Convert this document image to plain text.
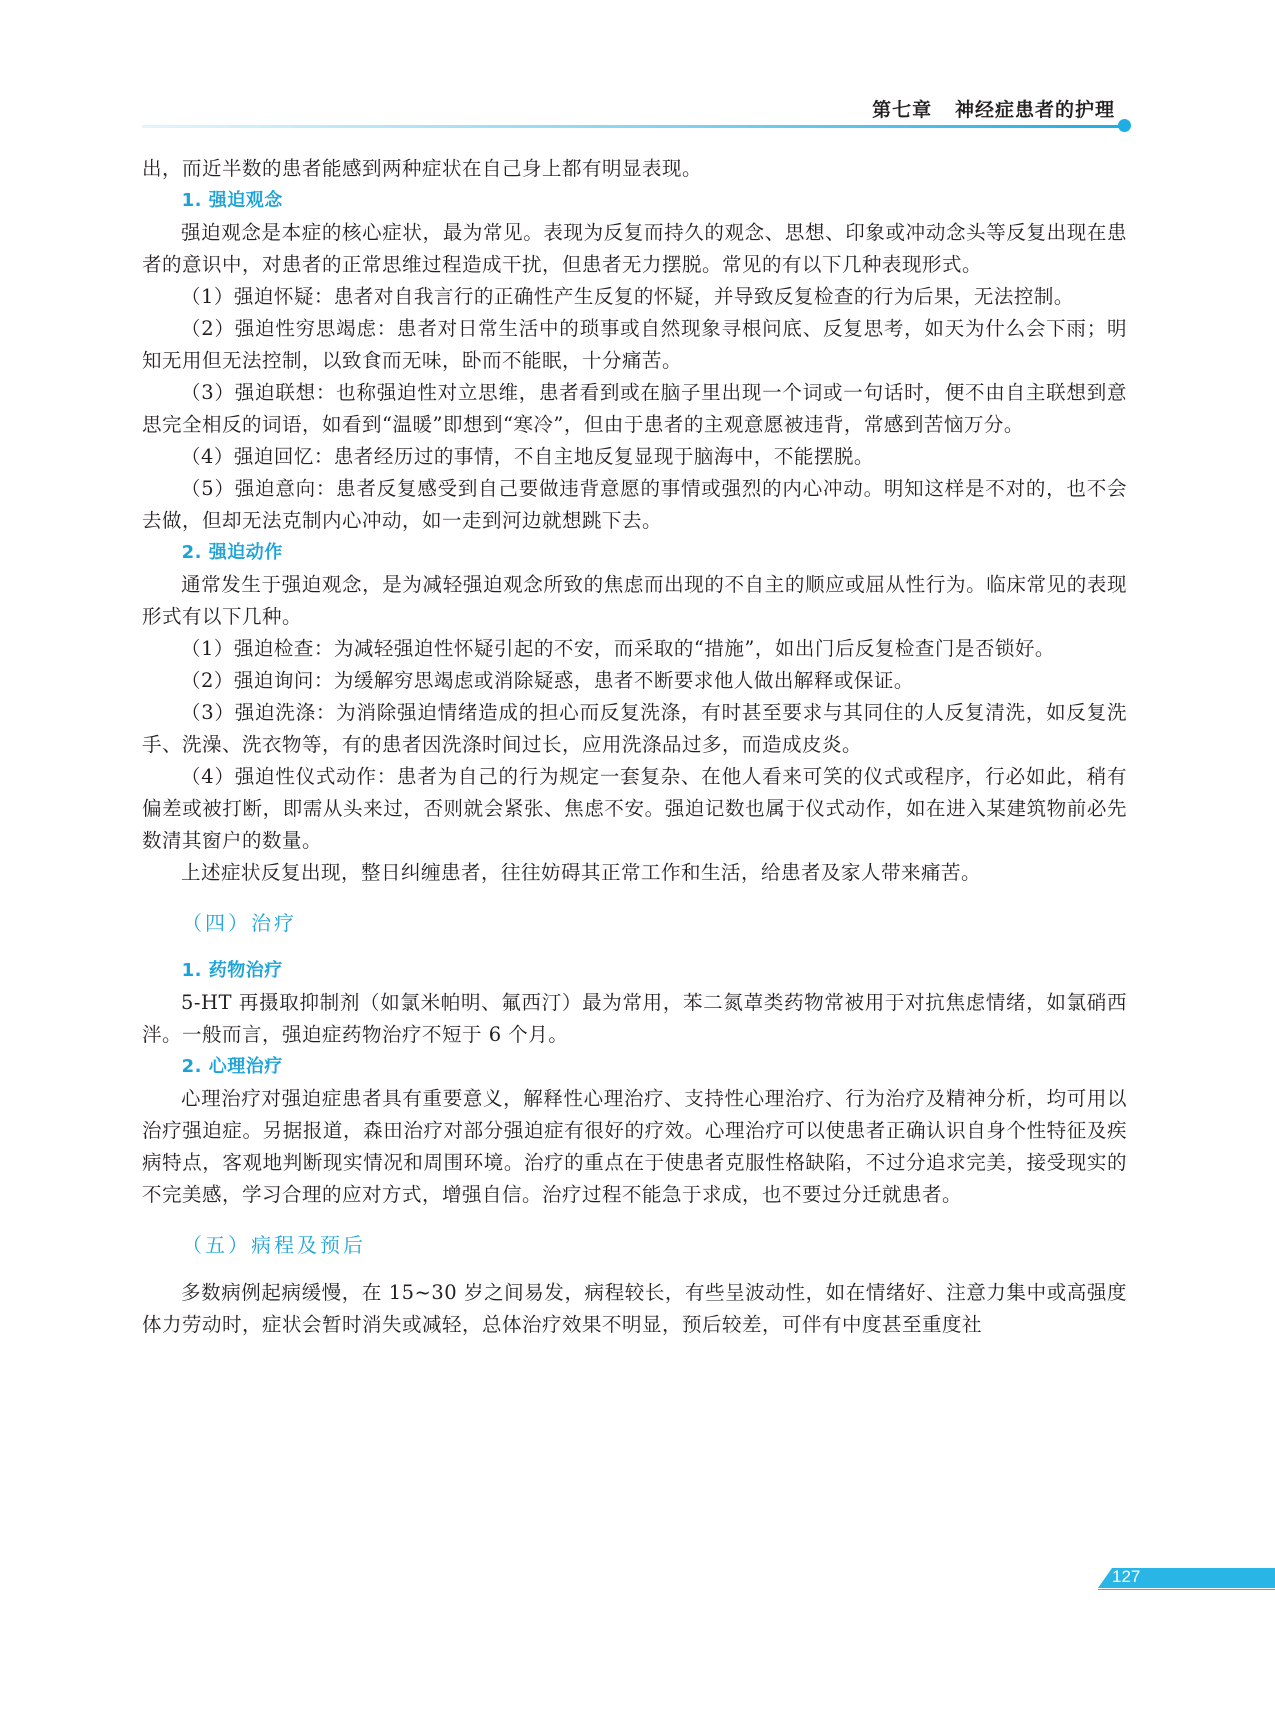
第七章 神经症患者的护理

出，而近半数的患者能感到两种症状在自己身上都有明显表现。

1. 强迫观念

强迫观念是本症的核心症状，最为常见。表现为反复而持久的观念、思想、印象或冲动念头等反复出现在患者的意识中，对患者的正常思维过程造成干扰，但患者无力摆脱。常见的有以下几种表现形式。

（1）强迫怀疑：患者对自我言行的正确性产生反复的怀疑，并导致反复检查的行为后果，无法控制。

（2）强迫性穷思竭虑：患者对日常生活中的琐事或自然现象寻根问底、反复思考，如天为什么会下雨；明知无用但无法控制，以致食而无味，卧而不能眠，十分痛苦。

（3）强迫联想：也称强迫性对立思维，患者看到或在脑子里出现一个词或一句话时，便不由自主联想到意思完全相反的词语，如看到“温暖”即想到“寒冷”，但由于患者的主观意愿被违背，常感到苦恼万分。

（4）强迫回忆：患者经历过的事情，不自主地反复显现于脑海中，不能摆脱。

（5）强迫意向：患者反复感受到自己要做违背意愿的事情或强烈的内心冲动。明知这样是不对的，也不会去做，但却无法克制内心冲动，如一走到河边就想跳下去。

2. 强迫动作

通常发生于强迫观念，是为减轻强迫观念所致的焦虑而出现的不自主的顺应或屈从性行为。临床常见的表现形式有以下几种。

（1）强迫检查：为减轻强迫性怀疑引起的不安，而采取的“措施”，如出门后反复检查门是否锁好。

（2）强迫询问：为缓解穷思竭虑或消除疑惑，患者不断要求他人做出解释或保证。

（3）强迫洗涤：为消除强迫情绪造成的担心而反复洗涤，有时甚至要求与其同住的人反复清洗，如反复洗手、洗澡、洗衣物等，有的患者因洗涤时间过长，应用洗涤品过多，而造成皮炎。

（4）强迫性仪式动作：患者为自己的行为规定一套复杂、在他人看来可笑的仪式或程序，行必如此，稍有偏差或被打断，即需从头来过，否则就会紧张、焦虑不安。强迫记数也属于仪式动作，如在进入某建筑物前必先数清其窗户的数量。

上述症状反复出现，整日纠缠患者，往往妨碍其正常工作和生活，给患者及家人带来痛苦。

（四）治疗

1. 药物治疗

5-HT 再摄取抑制剂（如氯米帕明、氟西汀）最为常用，苯二氮䓬类药物常被用于对抗焦虑情绪，如氯硝西泮。一般而言，强迫症药物治疗不短于 6 个月。

2. 心理治疗

心理治疗对强迫症患者具有重要意义，解释性心理治疗、支持性心理治疗、行为治疗及精神分析，均可用以治疗强迫症。另据报道，森田治疗对部分强迫症有很好的疗效。心理治疗可以使患者正确认识自身个性特征及疾病特点，客观地判断现实情况和周围环境。治疗的重点在于使患者克服性格缺陷，不过分追求完美，接受现实的不完美感，学习合理的应对方式，增强自信。治疗过程不能急于求成，也不要过分迁就患者。

（五）病程及预后

多数病例起病缓慢，在 15~30 岁之间易发，病程较长，有些呈波动性，如在情绪好、注意力集中或高强度体力劳动时，症状会暂时消失或减轻，总体治疗效果不明显，预后较差，可伴有中度甚至重度社

127
